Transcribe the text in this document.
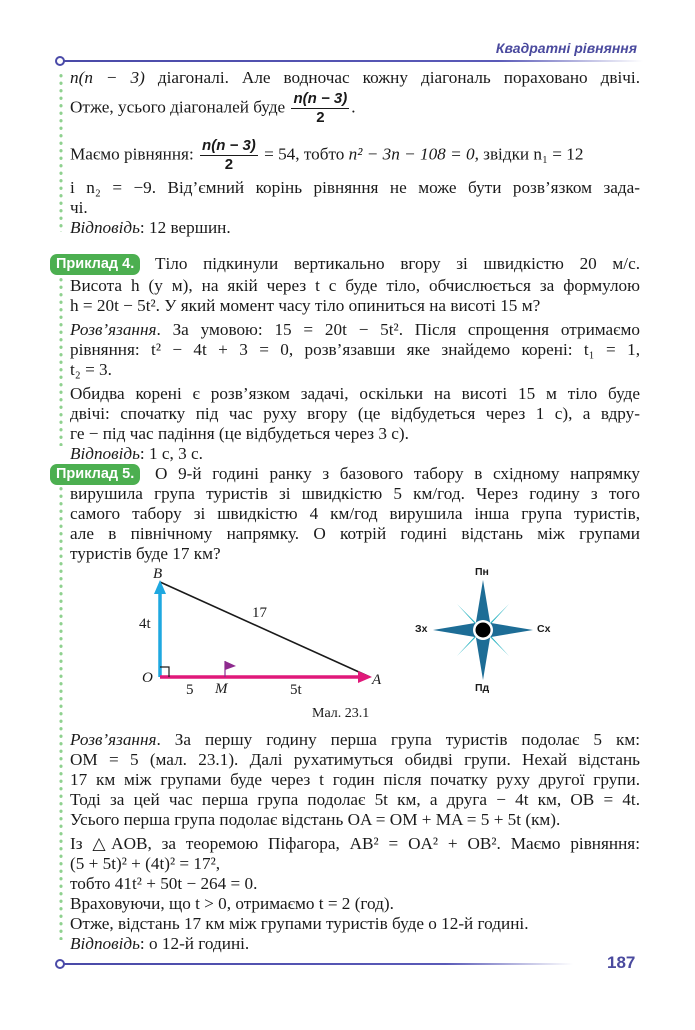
Квадратні рівняння
n(n − 3) діагоналі. Але водночас кожну діагональ пораховано двічі.
Отже, усього діагоналей буде $\frac{n(n - 3)}{2}$ .
Маємо рівняння: $\frac{n(n - 3)}{2} = 54$, тобто n² − 3n − 108 = 0, звідки n₁ = 12
і n₂ = −9. Від’ємний корінь рівняння не може бути розв’язком зада-
чі.
Відповідь: 12 вершин.
Приклад 4.	Тіло підкинули вертикально вгору зі швидкістю 20 м/с.
Висота h (у м), на якій через t с буде тіло, обчислюється за формулою
h = 20t − 5t². У який момент часу тіло опиниться на висоті 15 м?
Розв’язання. За умовою: 15 = 20t − 5t². Після спрощення отримаємо
рівняння: t² − 4t + 3 = 0, розв’язавши яке знайдемо корені: t₁ = 1,
t₂ = 3.
Обидва корені є розв’язком задачі, оскільки на висоті 15 м тіло буде
двічі: спочатку під час руху вгору (це відбудеться через 1 с), а вдру-
ге − під час падіння (це відбудеться через 3 с).
Відповідь: 1 с, 3 с.
Приклад 5.	О 9-й годині ранку з базового табору в східному напрямку
вирушила група туристів зі швидкістю 5 км/год. Через годину з того
самого табору зі швидкістю 4 км/год вирушила інша група туристів,
але в північному напрямку. О котрій годині відстань між групами
туристів буде 17 км?
B
O	A
M
4t
17
5	5t
Мал. 23.1
Пн
Пд
Зх	Сх
Розв’язання. За першу годину перша група туристів подолає 5 км:
OM = 5 (мал. 23.1). Далі рухатимуться обидві групи. Нехай відстань
17 км між групами буде через t годин після початку руху другої групи.
Тоді за цей час перша група подолає 5t км, а друга − 4t км, OB = 4t.
Усього перша група подолає відстань OA = OM + MA = 5 + 5t (км).
Із △AOB, за теоремою Піфагора, AB² = OA² + OB². Маємо рівняння:
(5 + 5t)² + (4t)² = 17²,
тобто 41t² + 50t − 264 = 0.
Враховуючи, що t > 0, отримаємо t = 2 (год).
Отже, відстань 17 км між групами туристів буде о 12-й годині.
Відповідь: о 12-й годині.
187
